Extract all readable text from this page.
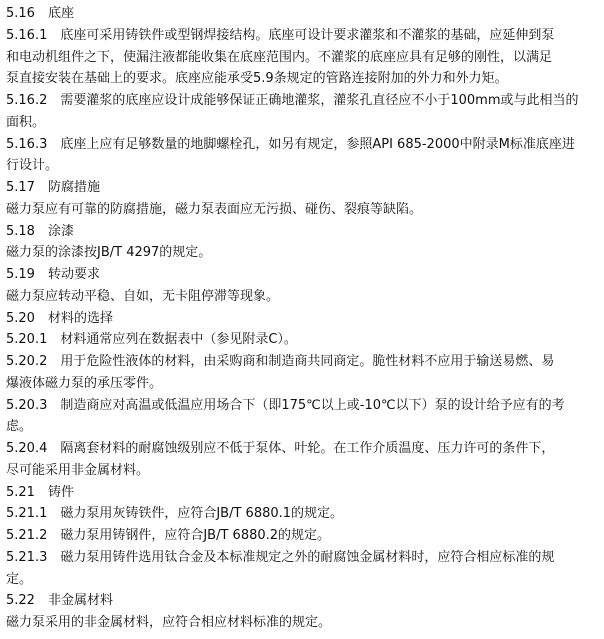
5.16　底座
5.16.1　底座可采用铸铁件或型钢焊接结构。底座可设计要求灌浆和不灌浆的基础，应延伸到泵
和电动机组件之下，使漏注液都能收集在底座范围内。不灌浆的底座应具有足够的刚性，以满足
泵直接安装在基础上的要求。底座应能承受5.9条规定的管路连接附加的外力和外力矩。
5.16.2　需要灌浆的底座应设计成能够保证正确地灌浆，灌浆孔直径应不小于100mm或与此相当的
面积。
5.16.3　底座上应有足够数量的地脚螺栓孔，如另有规定，参照API 685-2000中附录M标准底座进
行设计。
5.17　防腐措施
磁力泵应有可靠的防腐措施，磁力泵表面应无污损、碰伤、裂痕等缺陷。
5.18　涂漆
磁力泵的涂漆按JB/T 4297的规定。
5.19　转动要求
磁力泵应转动平稳、自如，无卡阻停滞等现象。
5.20　材料的选择
5.20.1　材料通常应列在数据表中（参见附录C）。
5.20.2　用于危险性液体的材料，由采购商和制造商共同商定。脆性材料不应用于输送易燃、易
爆液体磁力泵的承压零件。
5.20.3　制造商应对高温或低温应用场合下（即175℃以上或-10℃以下）泵的设计给予应有的考
虑。
5.20.4　隔离套材料的耐腐蚀级别应不低于泵体、叶轮。在工作介质温度、压力许可的条件下，
尽可能采用非金属材料。
5.21　铸件
5.21.1　磁力泵用灰铸铁件，应符合JB/T 6880.1的规定。
5.21.2　磁力泵用铸钢件，应符合JB/T 6880.2的规定。
5.21.3　磁力泵用铸件选用钛合金及本标准规定之外的耐腐蚀金属材料时，应符合相应标准的规
定。
5.22　非金属材料
磁力泵采用的非金属材料，应符合相应材料标准的规定。
